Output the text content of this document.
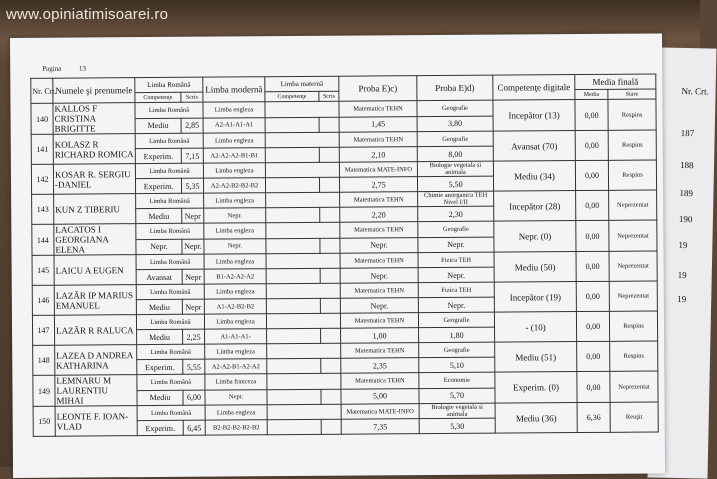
www.opiniatimisoarei.ro
Nr. Crt.
187
188
189
190
19
19
19
Pagina	13
Nr. Crt.	Numele şi prenumele	Limba Română		Limba modernă	Limba maternă		Proba E)c)	Proba E)d)	Competenţe digitale	Media finală	
		Competenţe	Scris		Competenţe	Scris				Media	Stare
140	KALLOS F CRISTINA BRIGITTE	Limba Română		Limba engleza			Matematica TEHN	Geografie	Incepător (13)	0,00	Respins
		Mediu	2,85	A2-A1-A1-A1			1,45	3,80			
141	KOLASZ R RICHARD ROMICA	Limba Română		Limba engleza			Matematica TEHN	Geografie	Avansat (70)	0,00	Respins
		Experim.	7,15	A2-A2-A2-B1-B1			2,10	8,00			
142	KOSAR R. SERGIU -DANIEL	Limba Română		Limba engleza			Matematica MATE-INFO	Biologie vegetala si animala	Mediu (34)	0,00	Respins
		Experim.	5,35	A2-A2-B2-B2-B2			2,75	5,50			
143	KUN Z TIBERIU	Limba Română		Limba engleza			Matematica TEHN	Chimie anorganica TEH Nivel I/II	Incepător (28)	0,00	Neprezentat
		Mediu	Nepr	Nepr.			2,20	2,30			
144	LACATOS I GEORGIANA ELENA	Limba Română		Limba engleza			Matematica TEHN	Geografie	Nepr. (0)	0,00	Neprezentat
		Nepr.	Nepr.	Nepr.			Nepr.	Nepr.			
145	LAICU A EUGEN	Limba Română		Limba engleza			Matematica TEHN	Fizica TEH	Mediu (50)	0,00	Neprezentat
		Avansat	Nepr	B1-A2-A2-A2			Nepr.	Nepr.			
146	LAZĂR IP MARIUS EMANUEL	Limba Română		Limba engleza			Matematica TEHN	Fizica TEH	Incepător (19)	0,00	Neprezentat
		Mediu	Nepr	A1-A2-B2-B2			Nepr.	Nepr.			
147	LAZĂR R RALUCA	Limba Română		Limba engleza			Matematica TEHN	Geografie	- (10)	0,00	Respins
		Mediu	2,25	A1-A1-A1-			1,00	1,80			
148	LAZEA D ANDREA KATHARINA	Limba Română		Limba engleza			Matematica TEHN	Geografie	Mediu (51)	0,00	Respins
		Experim.	5,55	A2-A2-B1-A2-A2			2,35	5,10			
149	LEMNARU M LAURENTIU MIHAI	Limba Română		Limba franceza			Matematica TEHN	Economie	Experim. (0)	0,00	Neprezentat
		Mediu	6,00	Nepr.			5,00	5,70			
150	LEONTE F. IOAN-VLAD	Limba Română		Limba engleza			Matematica MATE-INFO	Biologie vegetala si animala	Mediu (36)	6,36	Reuşit
		Experim.	6,45	B2-B2-B2-B2-B2			7,35	5,30			
